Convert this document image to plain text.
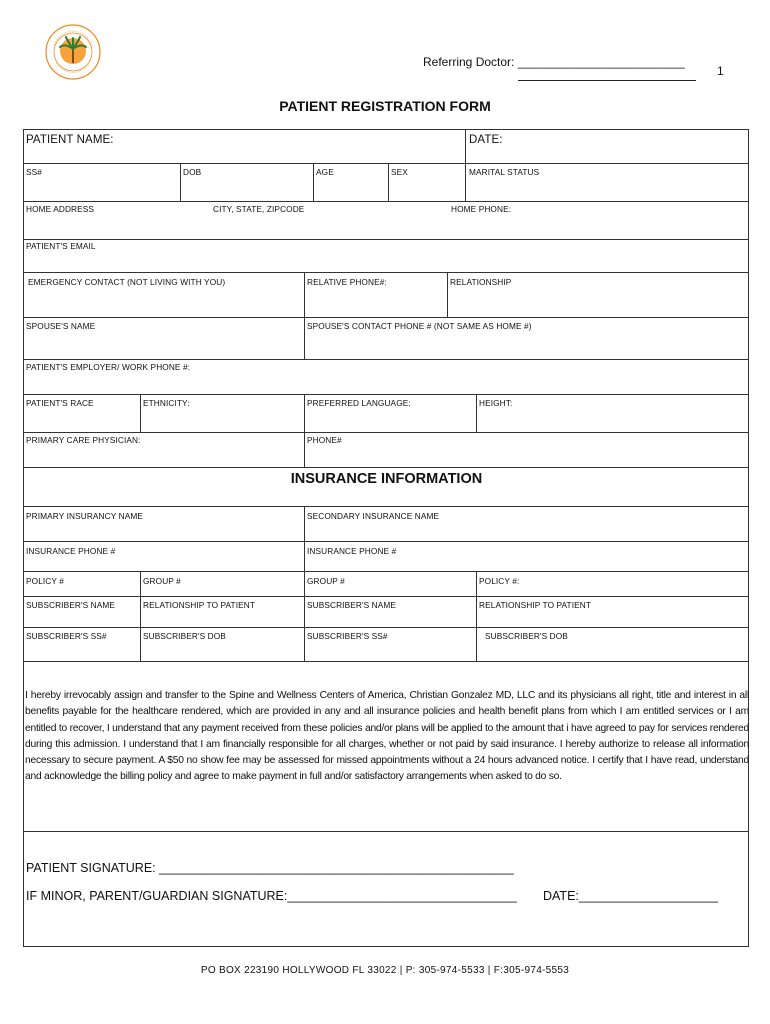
Referring Doctor: _________________________
1
PATIENT REGISTRATION FORM
PATIENT NAME:	DATE:
SS#	DOB	AGE	SEX	MARITAL STATUS
HOME ADDRESS	CITY, STATE, ZIPCODE	HOME PHONE:
PATIENT'S EMAIL
EMERGENCY CONTACT (NOT LIVING WITH YOU)	RELATIVE PHONE#:	RELATIONSHIP
SPOUSE'S NAME	SPOUSE'S CONTACT PHONE # (NOT SAME AS HOME #)
PATIENT'S EMPLOYER/ WORK PHONE #:
PATIENT'S RACE	ETHNICITY:	PREFERRED LANGUAGE:	HEIGHT:
PRIMARY CARE PHYSICIAN:	PHONE#
INSURANCE INFORMATION
PRIMARY INSURANCY NAME	SECONDARY INSURANCE NAME
INSURANCE PHONE #	INSURANCE PHONE #
POLICY #	GROUP #	GROUP #	POLICY #:
SUBSCRIBER'S NAME	RELATIONSHIP TO PATIENT	SUBSCRIBER'S NAME	RELATIONSHIP TO PATIENT
SUBSCRIBER'S SS#	SUBSCRIBER'S DOB	SUBSCRIBER'S SS#	SUBSCRIBER'S DOB
I hereby irrevocably assign and transfer to the Spine and Wellness Centers of America, Christian Gonzalez MD, LLC and its physicians all right, title and interest in all benefits payable for the healthcare rendered, which are provided in any and all insurance policies and health benefit plans from which I am entitled services or I am entitled to recover, I understand that any payment received from these policies and/or plans will be applied to the amount that i have agreed to pay for services rendered during this admission. I understand that I am financially responsible for all charges, whether or not paid by said insurance. I hereby authorize to release all information necessary to secure payment. A $50 no show fee may be assessed for missed appointments without a 24 hours advanced notice. I certify that I have read, understand and acknowledge the billing policy and agree to make payment in full and/or satisfactory arrangements when asked to do so.
PATIENT SIGNATURE: ___________________________________________________
IF MINOR, PARENT/GUARDIAN SIGNATURE:_________________________________ DATE:____________________
PO BOX 223190 HOLLYWOOD FL 33022 | P: 305-974-5533 | F:305-974-5553
